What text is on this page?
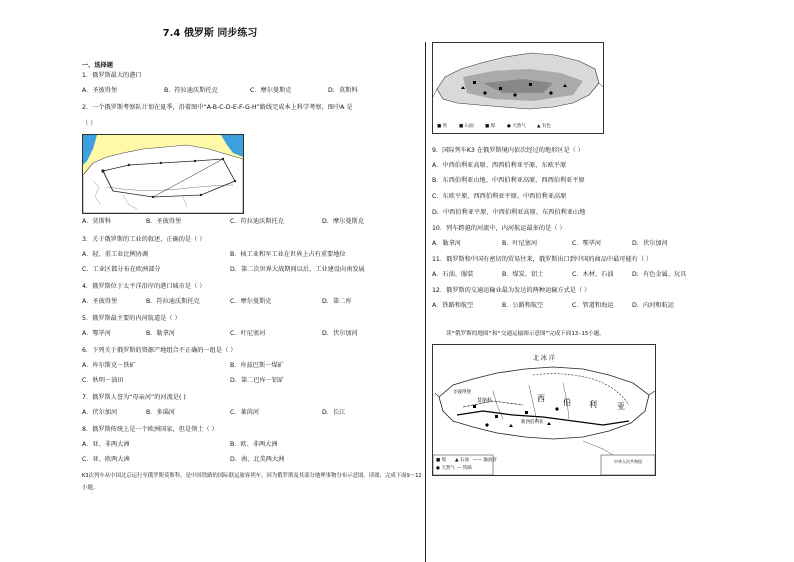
7.4 俄罗斯 同步练习
一、选择题
1．俄罗斯最大的港口
A．圣彼得堡	B．符拉迪沃斯托克	C．摩尔曼斯克	D．莫斯科
2．一个俄罗斯考察队计划在夏季，沿着图中“A-B-C-D-E-F-G-H”路线完成本上科学考察，图中A 是
（ ）
A．莫斯科	B．圣彼得堡	C．符拉迪沃斯托克	D．摩尔曼斯克
3．关于俄罗斯的工业的叙述，正确的是（ ）
A．轻、重工业比例协调	B．核工业和军工业在世界上占有重要地位
C．工业区都分布在欧洲部分	D．第二次世界大战期间以后，工业建设向南发展
4．俄罗斯位于太平洋沿岸的港口城市是（ ）
A．圣彼得堡	B．符拉迪沃斯托克	C．摩尔曼斯克	D．第二库
5．俄罗斯最主要的内河航道是（ ）
A．鄂毕河	B．勒拿河	C．叶尼塞河	D．伏尔加河
6．下列关于俄罗斯的资源产地组合不正确的一组是（ ）
A．库尔斯克－铁矿	B．库兹巴斯－煤矿
C．秋明－油田	D．第二巴库－铝矿
7．俄罗斯人誉为“母亲河”的河流是( )
A．伏尔加河	B．多瑙河	C．莱茵河	D．长江
8．俄罗斯传统上是一个欧洲国家，但是领土（ ）
A．亚、非两大洲	B．欧、非两大洲
C．亚、欧两大洲	D．南、北美两大洲
K3次列车从中国北京运行至俄罗斯莫斯科，是中国铁路的国际联运旅客列车。因为俄罗斯及其部分地理事物分布示意图。读图，完成下面9～12小题。
■ 铁	■ 石油	■ 煤	● 天然气 ▲ 有色
9．国际列车K3 在俄罗斯境内依次经过的地形区是（ ）
A．中西伯利亚高原、西西伯利亚平原、东欧平原
B．东西伯利亚山地、中西伯利亚高原、西西伯利亚平原
C．东欧平原、西西伯利亚平原、中西伯利亚高原
D．中西伯利亚平原、中西伯利亚高原、东西伯利亚山地
10．列车跨越的河流中，内河航运最多的是（ ）
A．勒拿河	B．叶尼塞河	C．鄂毕河	D．伏尔加河
11．俄罗斯和中国有密切的贸易往来，俄罗斯出口到中国的商品中最可能有（ ）
A．石油、服装	B．煤炭、铝土	C．木材、石油	D．有色金属、玩具
12．俄罗斯的交通运输业最为发达的两种运输方式是（ ）
A．铁路和航空	B．公路和航空	C．管道和海运	D．内河和航运
读“俄罗斯的地图”和“交通运输图示意图”完成下面13-15小题。
北 冰 洋
莫斯科
圣彼得堡
新西伯利亚
西 伯 利	亚
中华人民共和国
■ 煤 ▲ 石油
● 天然气 — 铁路
—— 输油管
